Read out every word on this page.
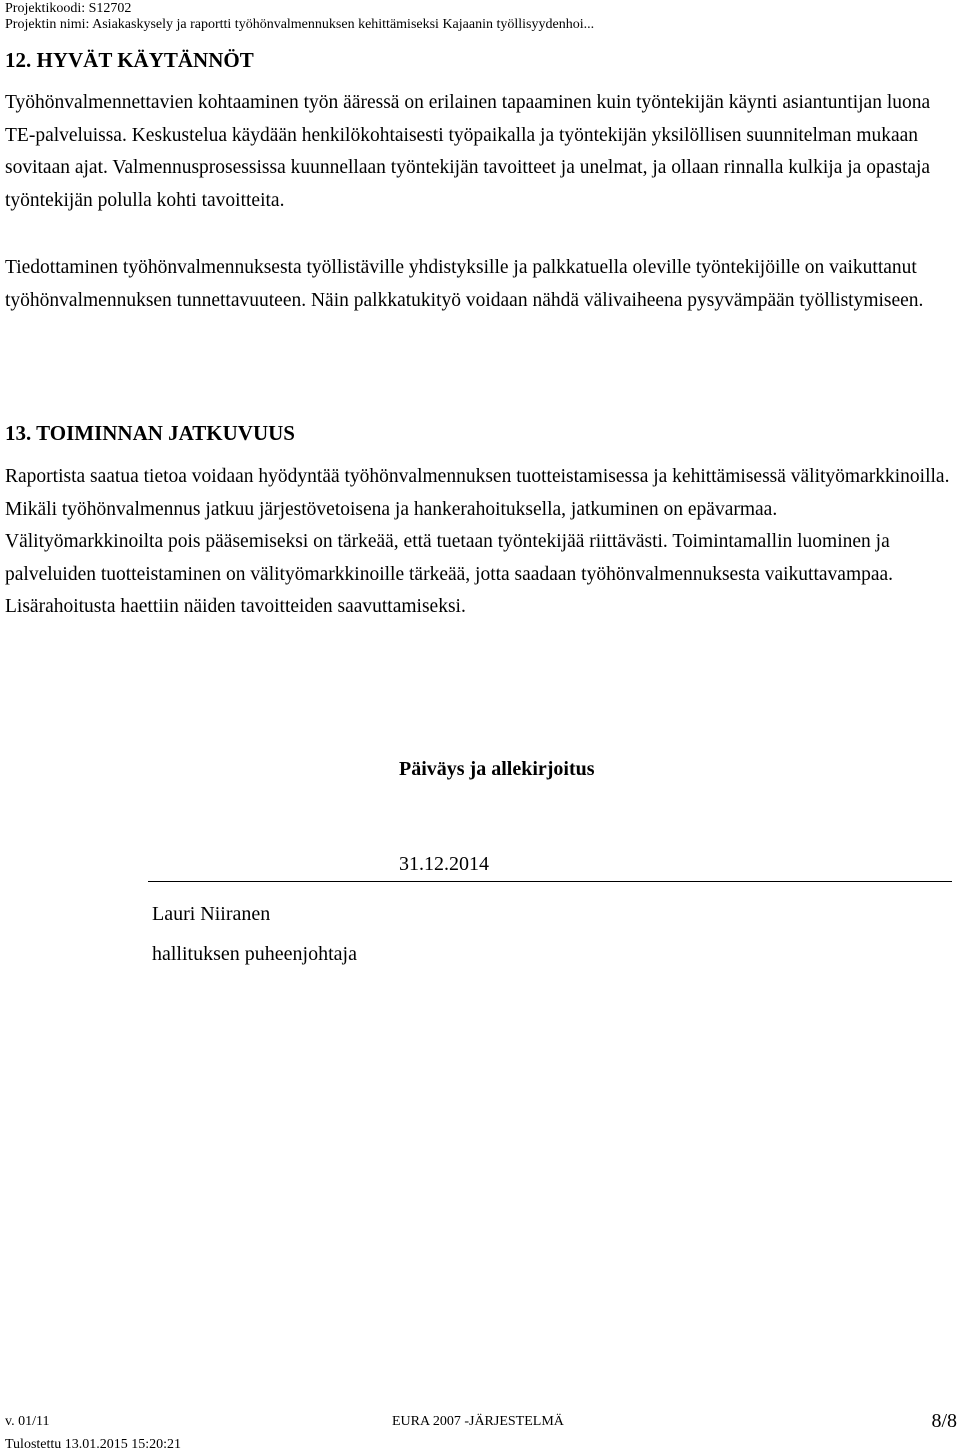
Projektikoodi: S12702
Projektin nimi: Asiakaskysely ja raportti työhönvalmennuksen kehittämiseksi Kajaanin työllisyydenhoi...
12. HYVÄT KÄYTÄNNÖT

Työhönvalmennettavien kohtaaminen työn ääressä on erilainen tapaaminen kuin työntekijän käynti asiantuntijan luona TE-palveluissa. Keskustelua käydään henkilökohtaisesti työpaikalla ja työntekijän yksilöllisen suunnitelman mukaan sovitaan ajat. Valmennusprosessissa kuunnellaan työntekijän tavoitteet ja unelmat, ja ollaan rinnalla kulkija ja opastaja työntekijän polulla kohti tavoitteita.

Tiedottaminen työhönvalmennuksesta työllistäville yhdistyksille ja palkkatuella oleville työntekijöille on vaikuttanut työhönvalmennuksen tunnettavuuteen. Näin palkkatukityö voidaan nähdä välivaiheena pysyvämpään työllistymiseen.

13. TOIMINNAN JATKUVUUS

Raportista saatua tietoa voidaan hyödyntää työhönvalmennuksen tuotteistamisessa ja kehittämisessä välityömarkkinoilla. Mikäli työhönvalmennus jatkuu järjestövetoisena ja hankerahoituksella, jatkuminen on epävarmaa.

Välityömarkkinoilta pois pääsemiseksi on tärkeää, että tuetaan työntekijää riittävästi. Toimintamallin luominen ja palveluiden tuotteistaminen on välityömarkkinoille tärkeää, jotta saadaan työhönvalmennuksesta vaikuttavampaa.

Lisärahoitusta haettiin näiden tavoitteiden saavuttamiseksi.

Päiväys ja allekirjoitus
31.12.2014
Lauri Niiranen
hallituksen puheenjohtaja
v. 01/11	EURA 2007 -JÄRJESTELMÄ	8/8
Tulostettu 13.01.2015 15:20:21
